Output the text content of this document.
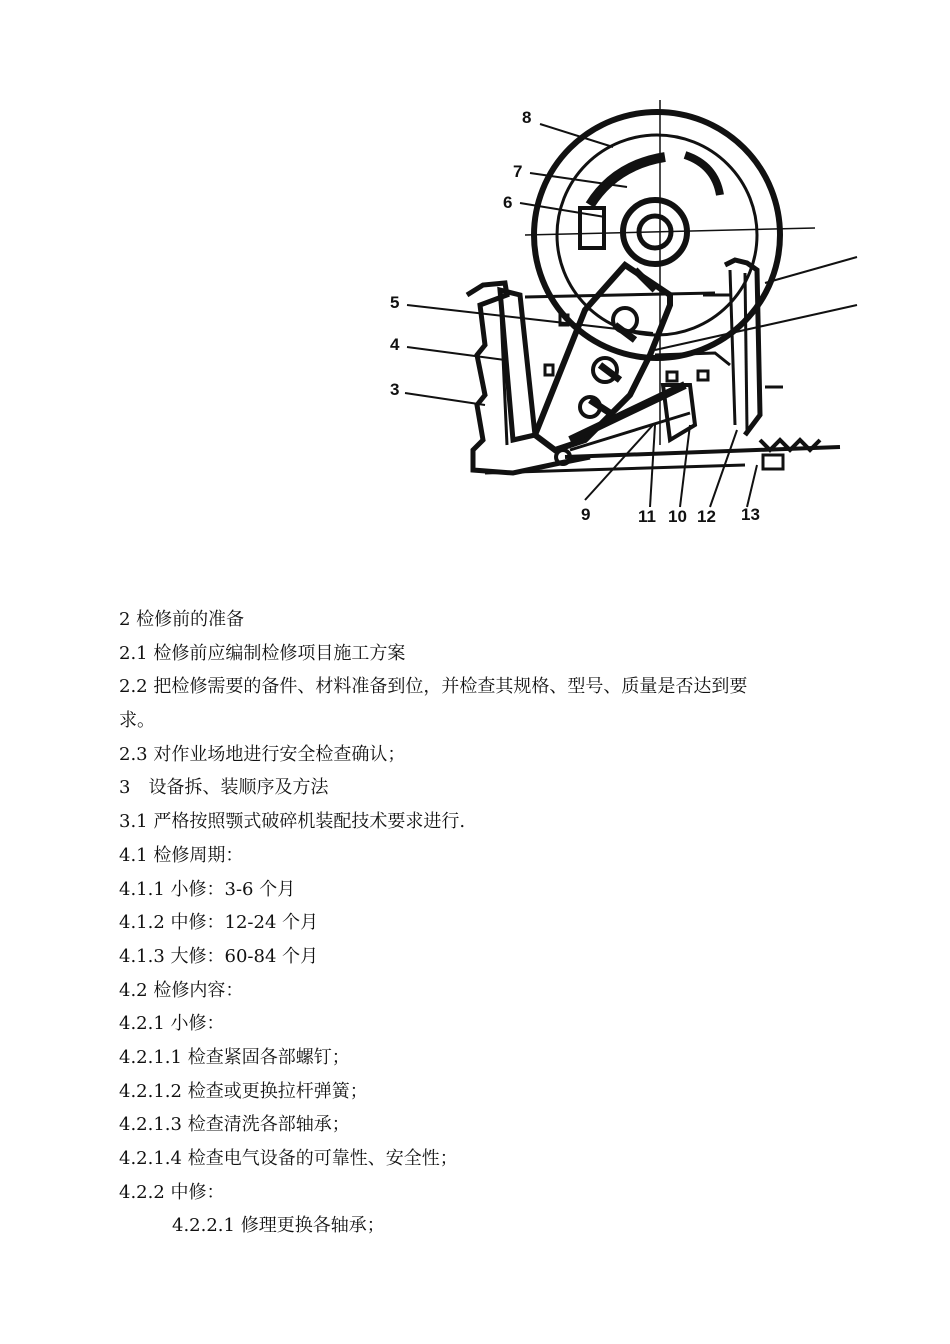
8
7
6
5
4
3
9	11 10 12 13
2 检修前的准备
2.1 检修前应编制检修项目施工方案
2.2 把检修需要的备件、材料准备到位，并检查其规格、型号、质量是否达到要
求。
2.3 对作业场地进行安全检查确认；
3　设备拆、装顺序及方法
3.1 严格按照颚式破碎机装配技术要求进行.
4.1 检修周期：
4.1.1 小修：3-6 个月
4.1.2 中修：12-24 个月
4.1.3 大修：60-84 个月
4.2 检修内容：
4.2.1 小修：
4.2.1.1 检查紧固各部螺钉；
4.2.1.2 检查或更换拉杆弹簧；
4.2.1.3 检查清洗各部轴承；
4.2.1.4 检查电气设备的可靠性、安全性；
4.2.2 中修：
4.2.2.1 修理更换各轴承；
